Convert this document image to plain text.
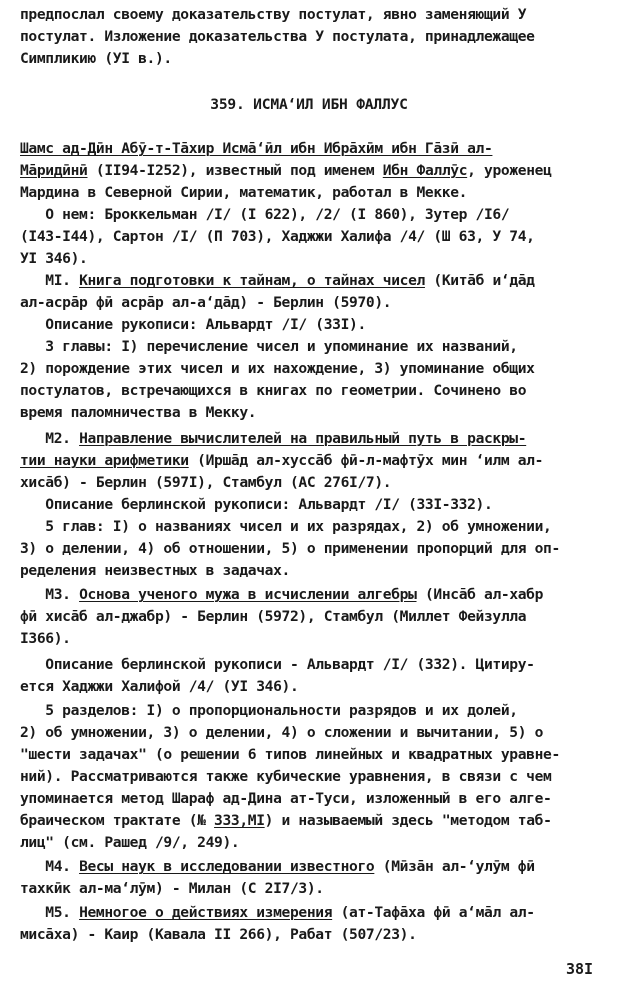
предпослал своему доказательству постулат, явно заменяющий У
постулат. Изложение доказательства У постулата, принадлежащее
Симпликию (УI в.).
359. ИСМА‘ИЛ ИБН ФАЛЛУС
Шамс ад-Дӣн Абӯ-т-Тāхир Исмā‘ӣл ибн Ибрāхӣм ибн Гāзӣ ал-
Мāридӣнӣ (II94-I252), известный под именем Ибн Фаллӯс, уроженец
Мардина в Северной Сирии, математик, работал в Мекке.
О нем: Броккельман /I/ (I 622), /2/ (I 860), Зутер /I6/
(I43-I44), Сартон /I/ (П 703), Хаджжи Халифа /4/ (Ш 63, У 74,
УI 346).
MI. Книга подготовки к тайнам, о тайнах чисел (Китāб и‘дāд
ал-асрāр фӣ асрāр ал-а‘дāд) - Берлин (5970).
Описание рукописи: Альвардт /I/ (33I).
3 главы: I) перечисление чисел и упоминание их названий,
2) порождение этих чисел и их нахождение, 3) упоминание общих
постулатов, встречающихся в книгах по геометрии. Сочинено во
время паломничества в Мекку.
M2. Направление вычислителей на правильный путь в раскры-
тии науки арифметики (Иршāд ал-хуссāб фӣ-л-мафтӯх мин ‘илм ал-
хисāб) - Берлин (597I), Стамбул (АС 276I/7).
Описание берлинской рукописи: Альвардт /I/ (33I-332).
5 глав: I) о названиях чисел и их разрядах, 2) об умножении,
3) о делении, 4) об отношении, 5) о применении пропорций для оп-
ределения неизвестных в задачах.
M3. Основа ученого мужа в исчислении алгебры (Инсāб ал-хабр
фӣ хисāб ал-джабр) - Берлин (5972), Стамбул (Миллет Фейзулла
I366).
Описание берлинской рукописи - Альвардт /I/ (332). Цитиру-
ется Хаджжи Халифой /4/ (УI 346).
5 разделов: I) о пропорциональности разрядов и их долей,
2) об умножении, 3) о делении, 4) о сложении и вычитании, 5) о
"шести задачах" (о решении 6 типов линейных и квадратных уравне-
ний). Рассматриваются также кубические уравнения, в связи с чем
упоминается метод Шараф ад-Дина ат-Туси, изложенный в его алге-
браическом трактате (№ 333,MI) и называемый здесь "методом таб-
лиц" (см. Рашед /9/, 249).
M4. Весы наук в исследовании известного (Мӣзāн ал-‘улӯм фӣ
тахкӣк ал-ма‘лӯм) - Милан (С 2I7/3).
M5. Немногое о действиях измерения (ат-Тафāха фӣ а‘мāл ал-
мисāха) - Каир (Кавала II 266), Рабат (507/23).
38I
